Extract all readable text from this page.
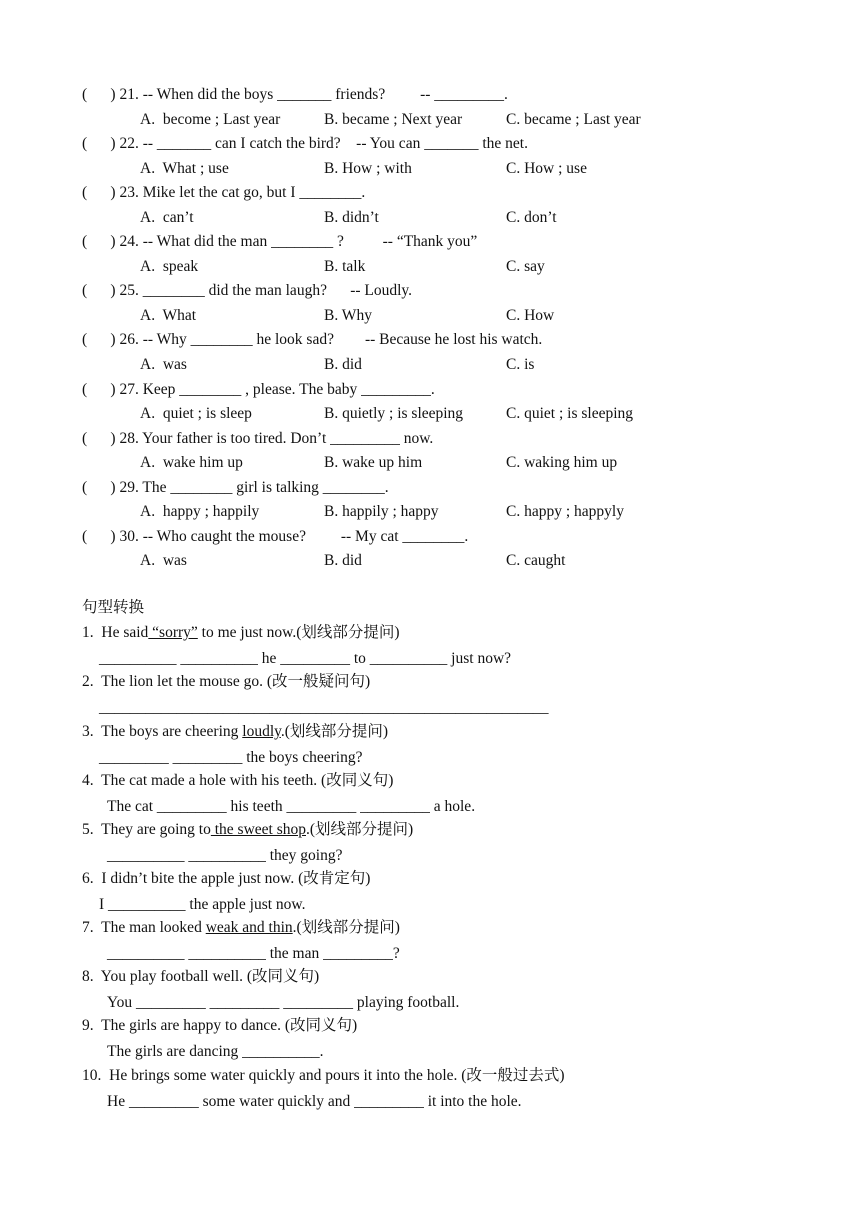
(      ) 21. -- When did the boys _______ friends?         -- _________.
A.  become ; Last year	B. became ; Next year	C. became ; Last year
(      ) 22. -- _______ can I catch the bird?    -- You can _______ the net.
A.  What ; use	B. How ; with	C. How ; use
(      ) 23. Mike let the cat go, but I ________.
A.  can’t	B. didn’t	C. don’t
(      ) 24. -- What did the man ________ ?          -- “Thank you”
A.  speak	B. talk	C. say
(      ) 25. ________ did the man laugh?      -- Loudly.
A.  What	B. Why	C. How
(      ) 26. -- Why ________ he look sad?        -- Because he lost his watch.
A.  was	B. did	C. is
(      ) 27. Keep ________ , please. The baby _________.
A.  quiet ; is sleep	B. quietly ; is sleeping	C. quiet ; is sleeping
(      ) 28. Your father is too tired. Don’t _________ now.
A.  wake him up	B. wake up him	C. waking him up
(      ) 29. The ________ girl is talking ________.
A.  happy ; happily	B. happily ; happy	C. happy ; happyly
(      ) 30. -- Who caught the mouse?         -- My cat ________.
A.  was	B. did	C. caught
句型转换
1.  He said “sorry” to me just now.(划线部分提问)
__________ __________ he _________ to __________ just now?
2.  The lion let the mouse go. (改一般疑问句)
__________________________________________________________
3.  The boys are cheering loudly.(划线部分提问)
_________ _________ the boys cheering?
4.  The cat made a hole with his teeth. (改同义句)
The cat _________ his teeth _________ _________ a hole.
5.  They are going to the sweet shop.(划线部分提问)
__________ __________ they going?
6.  I didn’t bite the apple just now. (改肯定句)
I __________ the apple just now.
7.  The man looked weak and thin.(划线部分提问)
__________ __________ the man _________?
8.  You play football well. (改同义句)
You _________ _________ _________ playing football.
9.  The girls are happy to dance. (改同义句)
The girls are dancing __________.
10.  He brings some water quickly and pours it into the hole. (改一般过去式)
He _________ some water quickly and _________ it into the hole.
